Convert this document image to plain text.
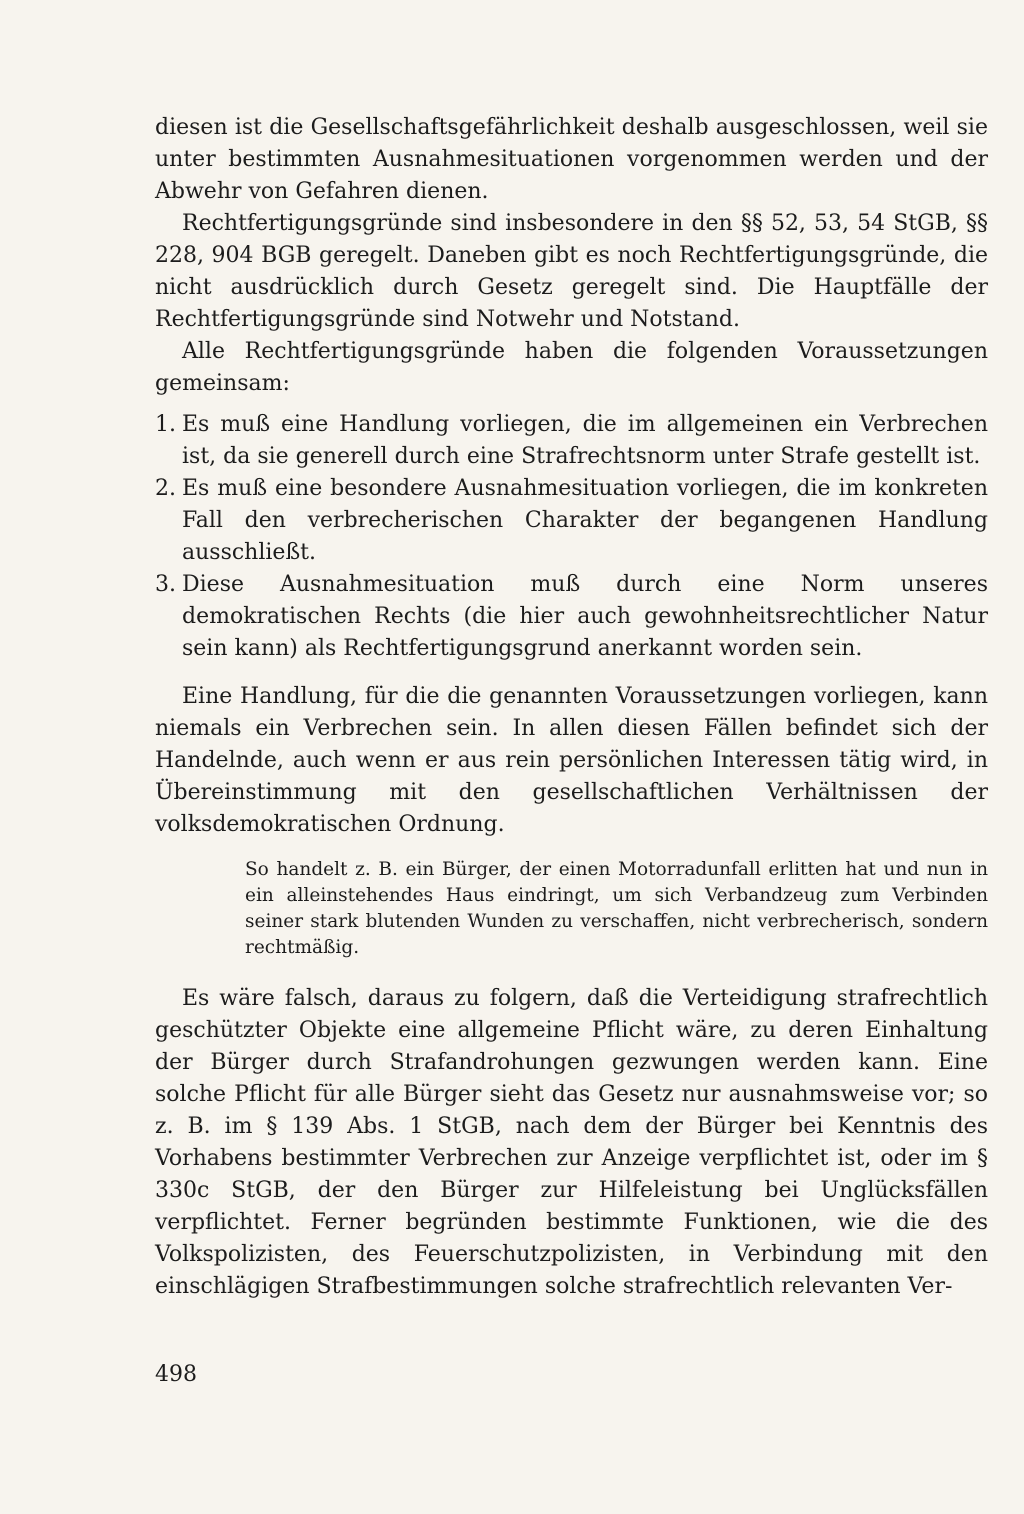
diesen ist die Gesellschaftsgefährlichkeit deshalb ausgeschlossen, weil sie unter bestimmten Ausnahmesituationen vorgenommen werden und der Abwehr von Gefahren dienen.

Rechtfertigungsgründe sind insbesondere in den §§ 52, 53, 54 StGB, §§ 228, 904 BGB geregelt. Daneben gibt es noch Rechtfertigungsgründe, die nicht ausdrücklich durch Gesetz geregelt sind. Die Hauptfälle der Rechtfertigungsgründe sind Notwehr und Notstand.

Alle Rechtfertigungsgründe haben die folgenden Voraussetzungen gemeinsam:

1. Es muß eine Handlung vorliegen, die im allgemeinen ein Verbrechen ist, da sie generell durch eine Strafrechtsnorm unter Strafe gestellt ist.
2. Es muß eine besondere Ausnahmesituation vorliegen, die im konkreten Fall den verbrecherischen Charakter der begangenen Handlung ausschließt.
3. Diese Ausnahmesituation muß durch eine Norm unseres demokratischen Rechts (die hier auch gewohnheitsrechtlicher Natur sein kann) als Rechtfertigungsgrund anerkannt worden sein.

Eine Handlung, für die die genannten Voraussetzungen vorliegen, kann niemals ein Verbrechen sein. In allen diesen Fällen befindet sich der Handelnde, auch wenn er aus rein persönlichen Interessen tätig wird, in Übereinstimmung mit den gesellschaftlichen Verhältnissen der volksdemokratischen Ordnung.

So handelt z. B. ein Bürger, der einen Motorradunfall erlitten hat und nun in ein alleinstehendes Haus eindringt, um sich Verbandzeug zum Verbinden seiner stark blutenden Wunden zu verschaffen, nicht verbrecherisch, sondern rechtmäßig.

Es wäre falsch, daraus zu folgern, daß die Verteidigung strafrechtlich geschützter Objekte eine allgemeine Pflicht wäre, zu deren Einhaltung der Bürger durch Strafandrohungen gezwungen werden kann. Eine solche Pflicht für alle Bürger sieht das Gesetz nur ausnahmsweise vor; so z. B. im § 139 Abs. 1 StGB, nach dem der Bürger bei Kenntnis des Vorhabens bestimmter Verbrechen zur Anzeige verpflichtet ist, oder im § 330c StGB, der den Bürger zur Hilfeleistung bei Unglücksfällen verpflichtet. Ferner begründen bestimmte Funktionen, wie die des Volkspolizisten, des Feuerschutzpolizisten, in Verbindung mit den einschlägigen Strafbestimmungen solche strafrechtlich relevanten Ver-

498
